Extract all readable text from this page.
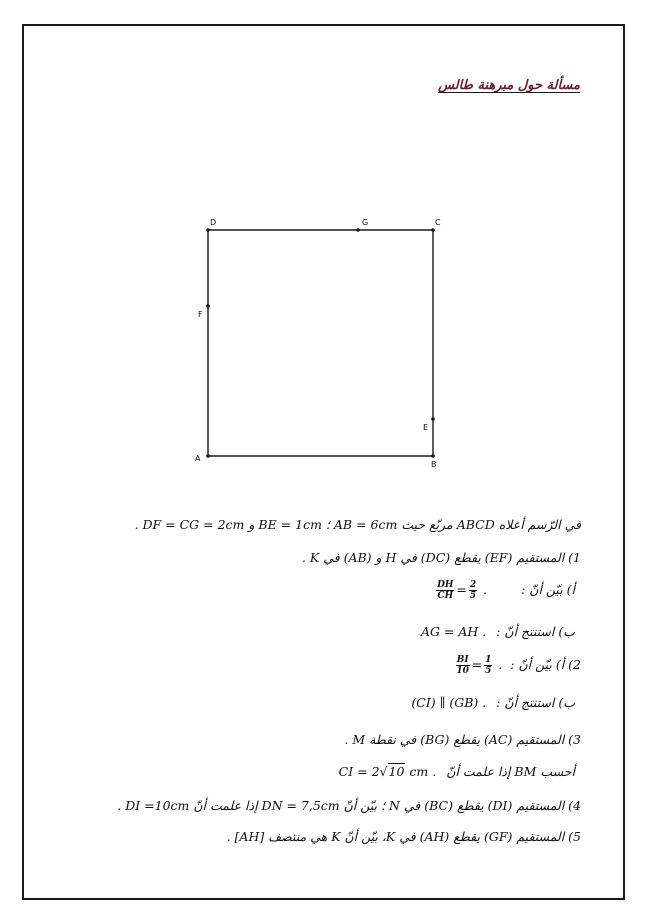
مسألة حول مبرهنة طالس
D	G	C
F
E
A
B
في الرّسم أعلاه ABCD مربّع حيث AB = 6cm ؛ BE = 1cm و DF = CG = 2cm .
1) المستقيم (EF) يقطع (DC) في H و (AB) في K .
أ) بيّن أنّ :
$\frac{DH}{CH} = \frac{2}{5}$ .
ب) استنتج أنّ : AG = AH .
2) أ) بيّن أنّ :
$\frac{BI}{10} = \frac{1}{5}$ .
ب) استنتج أنّ : (CI) ∥ (GB) .
3) المستقيم (AC) يقطع (BG) في نقطة M .
أحسب BM إذا علمت أنّ CI = 2√10 cm .
4) المستقيم (DI) يقطع (BC) في N ؛ بيّن أنّ DN = 7,5cm إذا علمت أنّ DI =10cm .
5) المستقيم (GF) يقطع (AH) في K، بيّن أنّ K هي منتصف [AH] .
